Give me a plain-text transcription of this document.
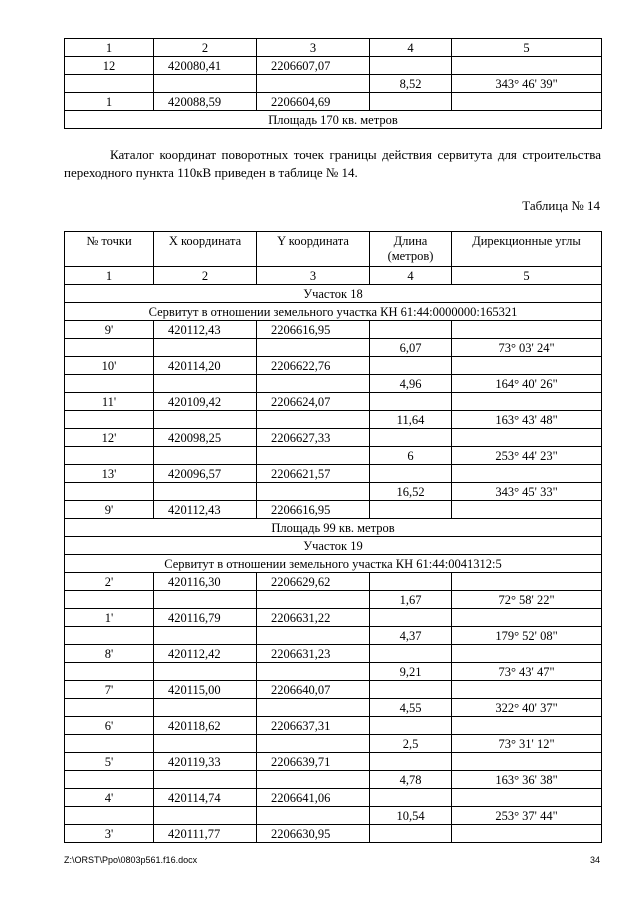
1	2	3	4	5
12	420080,41	2206607,07		
			8,52	343° 46' 39"
1	420088,59	2206604,69		
Площадь 170 кв. метров				
Каталог координат поворотных точек границы действия сервитута для строительства переходного пункта 110кВ приведен в таблице № 14.
Таблица № 14
№ точки	X координата	Y координата	Длина (метров)	Дирекционные углы
1	2	3	4	5
Участок 18				
Сервитут в отношении земельного участка КН 61:44:0000000:165321				
9'	420112,43	2206616,95		
			6,07	73° 03' 24"
10'	420114,20	2206622,76		
			4,96	164° 40' 26"
11'	420109,42	2206624,07		
			11,64	163° 43' 48"
12'	420098,25	2206627,33		
			6	253° 44' 23"
13'	420096,57	2206621,57		
			16,52	343° 45' 33"
9'	420112,43	2206616,95		
Площадь 99 кв. метров				
Участок 19				
Сервитут в отношении земельного участка КН 61:44:0041312:5				
2'	420116,30	2206629,62		
			1,67	72° 58' 22"
1'	420116,79	2206631,22		
			4,37	179° 52' 08"
8'	420112,42	2206631,23		
			9,21	73° 43' 47"
7'	420115,00	2206640,07		
			4,55	322° 40' 37"
6'	420118,62	2206637,31		
			2,5	73° 31' 12"
5'	420119,33	2206639,71		
			4,78	163° 36' 38"
4'	420114,74	2206641,06		
			10,54	253° 37' 44"
3'	420111,77	2206630,95		
Z:\ORST\Ppo\0803p561.f16.docx	34
